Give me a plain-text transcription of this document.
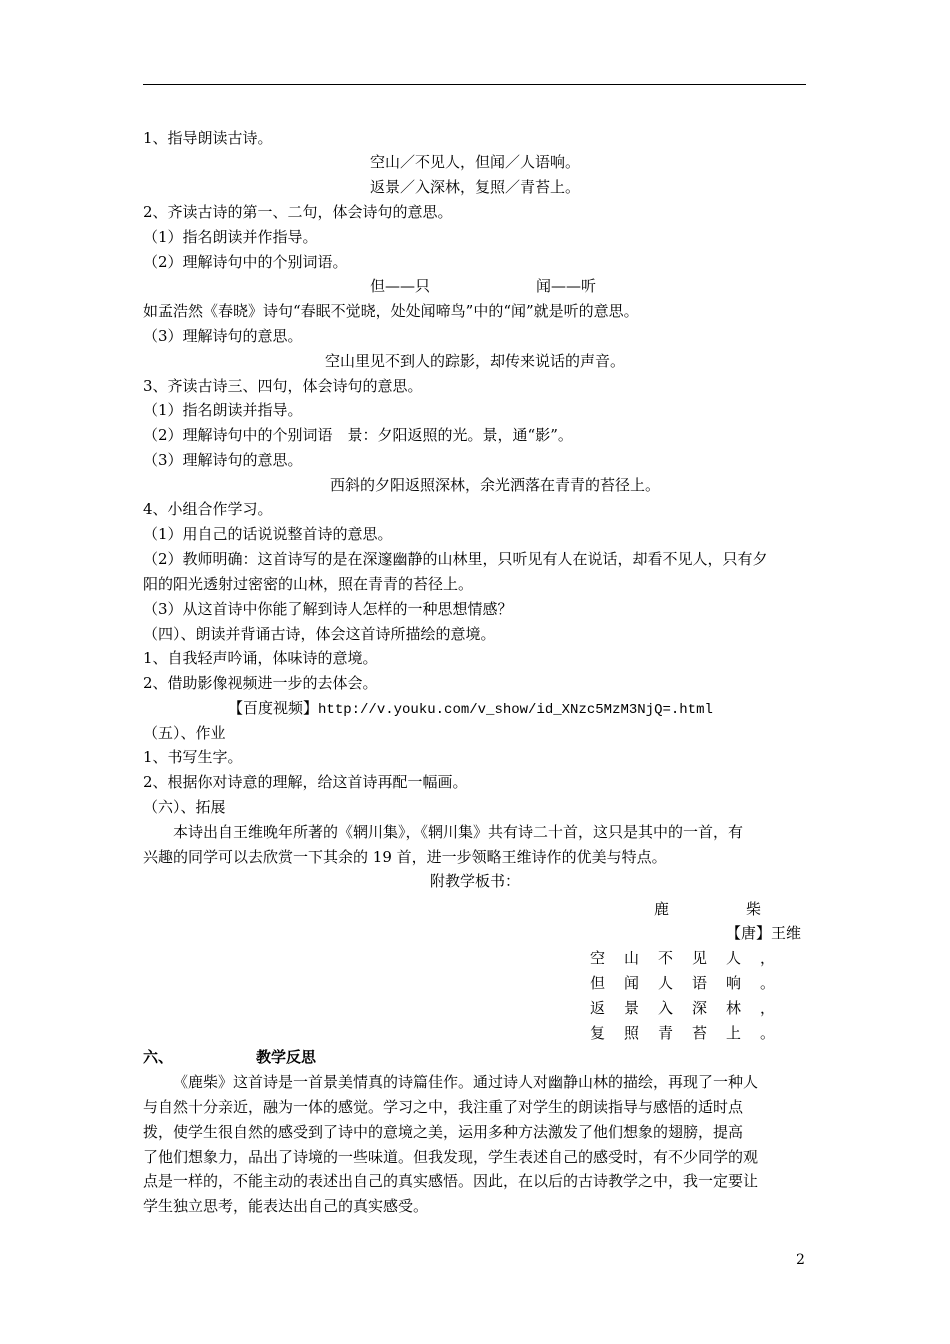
1、指导朗读古诗。
空山／不见人，但闻／人语响。
返景／入深林，复照／青苔上。
2、齐读古诗的第一、二句，体会诗句的意思。
（1）指名朗读并作指导。
（2）理解诗句中的个别词语。
但——只	闻——听
如孟浩然《春晓》诗句“春眠不觉晓，处处闻啼鸟”中的“闻”就是听的意思。
（3）理解诗句的意思。
空山里见不到人的踪影，却传来说话的声音。
3、齐读古诗三、四句，体会诗句的意思。
（1）指名朗读并指导。
（2）理解诗句中的个别词语　景：夕阳返照的光。景，通“影”。
（3）理解诗句的意思。
西斜的夕阳返照深林，余光洒落在青青的苔径上。
4、小组合作学习。
（1）用自己的话说说整首诗的意思。
（2）教师明确：这首诗写的是在深邃幽静的山林里，只听见有人在说话，却看不见人，只有夕
阳的阳光透射过密密的山林，照在青青的苔径上。
（3）从这首诗中你能了解到诗人怎样的一种思想情感？
（四）、朗读并背诵古诗，体会这首诗所描绘的意境。
1、自我轻声吟诵，体味诗的意境。
2、借助影像视频进一步的去体会。
【百度视频】http://v.youku.com/v_show/id_XNzc5MzM3NjQ=.html
（五）、作业
1、书写生字。
2、根据你对诗意的理解，给这首诗再配一幅画。
（六）、拓展
本诗出自王维晚年所著的《辋川集》，《辋川集》共有诗二十首，这只是其中的一首，有
兴趣的同学可以去欣赏一下其余的 19 首，进一步领略王维诗作的优美与特点。
附教学板书：
鹿	柴
【唐】王维
空 山 不 见 人 ，
但 闻 人 语 响 。
返 景 入 深 林 ，
复 照 青 苔 上 。
六、	教学反思
《鹿柴》这首诗是一首景美情真的诗篇佳作。通过诗人对幽静山林的描绘，再现了一种人
与自然十分亲近，融为一体的感觉。学习之中，我注重了对学生的朗读指导与感悟的适时点
拨，使学生很自然的感受到了诗中的意境之美，运用多种方法激发了他们想象的翅膀，提高
了他们想象力，品出了诗境的一些味道。但我发现，学生表述自己的感受时，有不少同学的观
点是一样的，不能主动的表述出自己的真实感悟。因此，在以后的古诗教学之中，我一定要让
学生独立思考，能表达出自己的真实感受。
2
